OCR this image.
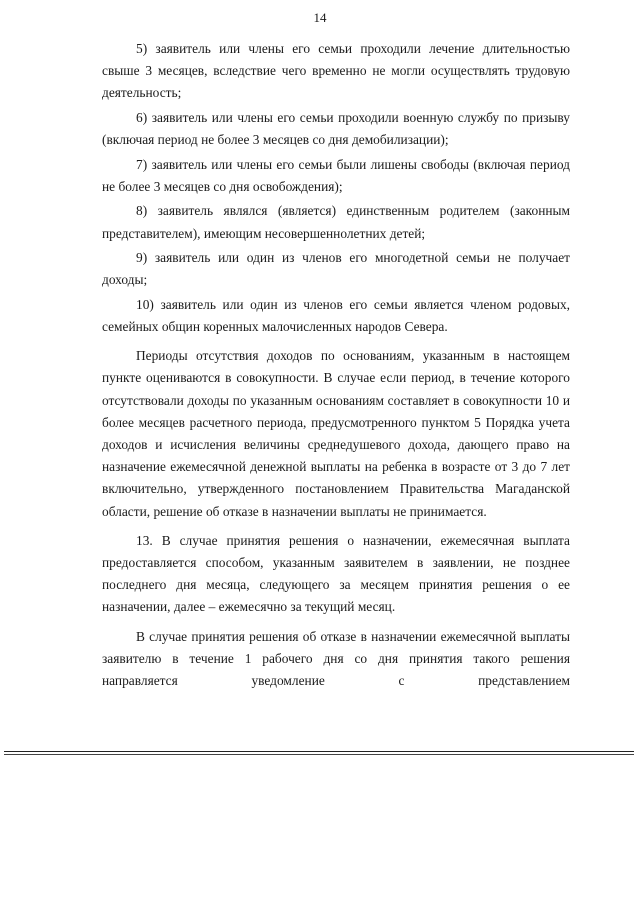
14

5) заявитель или члены его семьи проходили лечение длительностью свыше 3 месяцев, вследствие чего временно не могли осуществлять трудовую деятельность;

6) заявитель или члены его семьи проходили военную службу по призыву (включая период не более 3 месяцев со дня демобилизации);

7) заявитель или члены его семьи были лишены свободы (включая период не более 3 месяцев со дня освобождения);

8) заявитель являлся (является) единственным родителем (законным представителем), имеющим несовершеннолетних детей;

9) заявитель или один из членов его многодетной семьи не получает доходы;

10) заявитель или один из членов его семьи является членом родовых, семейных общин коренных малочисленных народов Севера.

Периоды отсутствия доходов по основаниям, указанным в настоящем пункте оцениваются в совокупности. В случае если период, в течение которого отсутствовали доходы по указанным основаниям составляет в совокупности 10 и более месяцев расчетного периода, предусмотренного пунктом 5 Порядка учета доходов и исчисления величины среднедушевого дохода, дающего право на назначение ежемесячной денежной выплаты на ребенка в возрасте от 3 до 7 лет включительно, утвержденного постановлением Правительства Магаданской области, решение об отказе в назначении выплаты не принимается.

13. В случае принятия решения о назначении, ежемесячная выплата предоставляется способом, указанным заявителем в заявлении, не позднее последнего дня месяца, следующего за месяцем принятия решения о ее назначении, далее – ежемесячно за текущий месяц.

В случае принятия решения об отказе в назначении ежемесячной выплаты заявителю в течение 1 рабочего дня со дня принятия такого решения направляется уведомление с представлением
